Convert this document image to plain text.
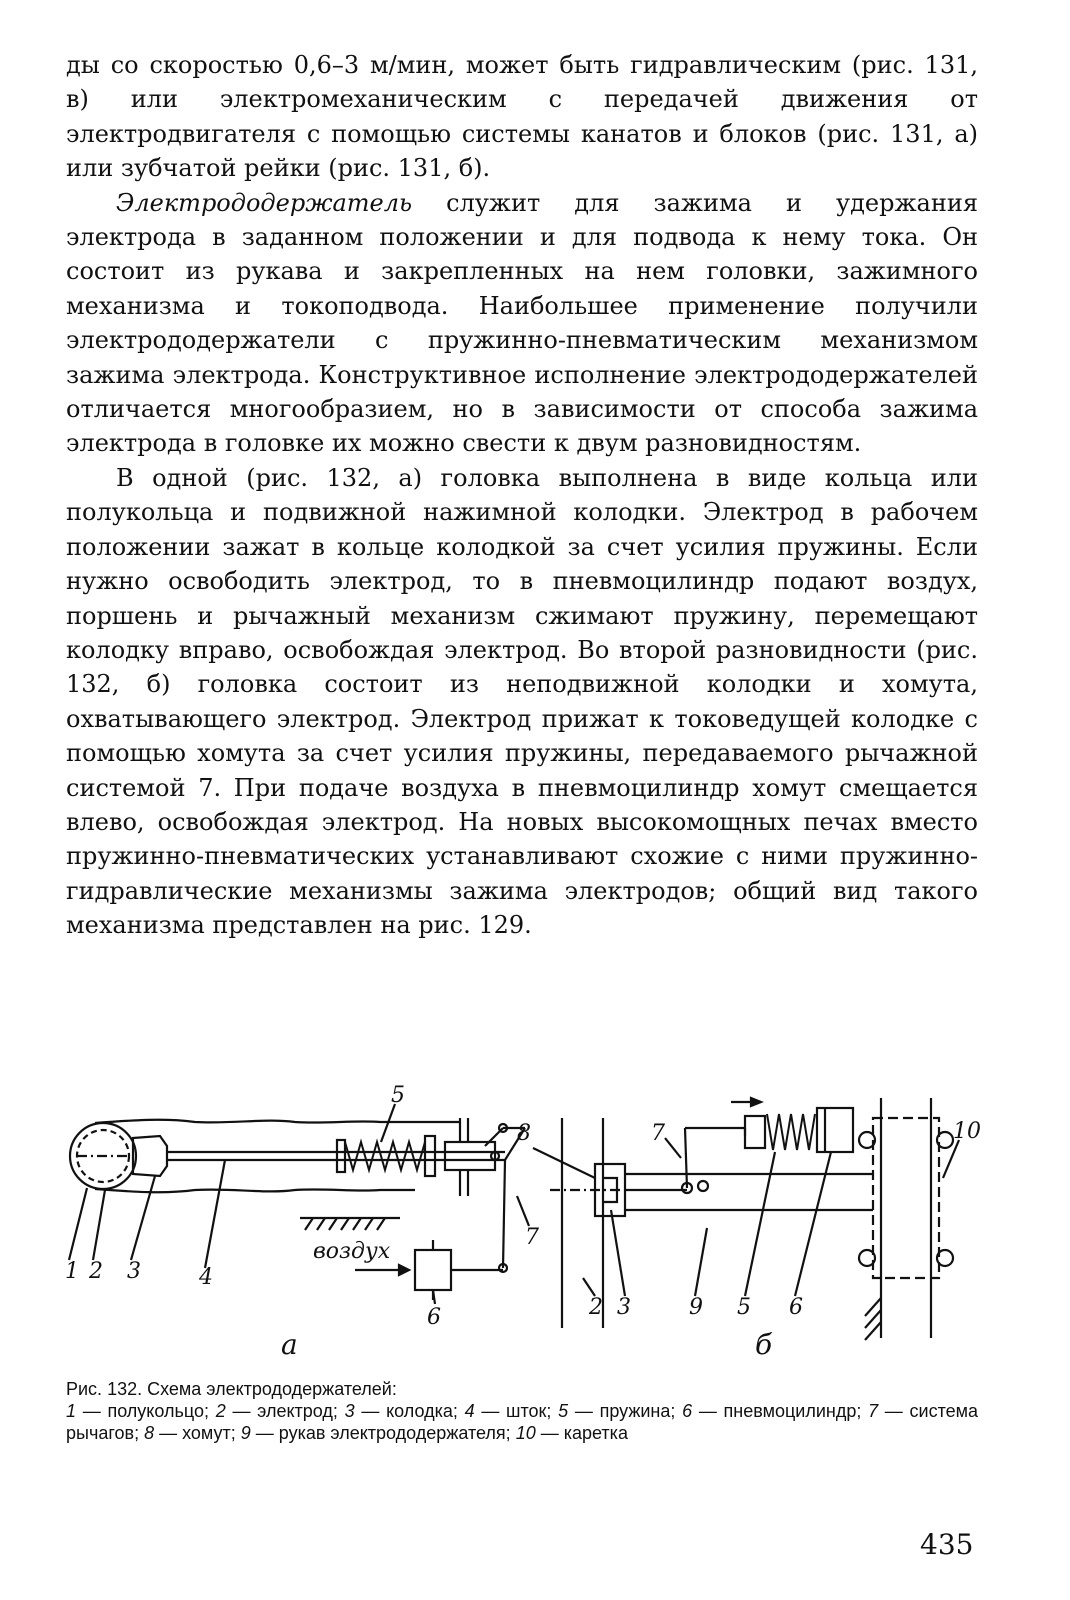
ды со скоростью 0,6–3 м/мин, может быть гидравлическим (рис. 131, в) или электромеханическим с передачей движения от электродвигателя с помощью системы канатов и блоков (рис. 131, а) или зубчатой рейки (рис. 131, б).

Электрододержатель служит для зажима и удержания электрода в заданном положении и для подвода к нему тока. Он состоит из рукава и закрепленных на нем головки, зажимного механизма и токоподвода. Наибольшее применение получили электрододержатели с пружинно-пневматическим механизмом зажима электрода. Конструктивное исполнение электрододержателей отличается многообразием, но в зависимости от способа зажима электрода в головке их можно свести к двум разновидностям.

В одной (рис. 132, а) головка выполнена в виде кольца или полукольца и подвижной нажимной колодки. Электрод в рабочем положении зажат в кольце колодкой за счет усилия пружины. Если нужно освободить электрод, то в пневмоцилиндр подают воздух, поршень и рычажный механизм сжимают пружину, перемещают колодку вправо, освобождая электрод. Во второй разновидности (рис. 132, б) головка состоит из неподвижной колодки и хомута, охватывающего электрод. Электрод прижат к токоведущей колодке с помощью хомута за счет усилия пружины, передаваемого рычажной системой 7. При подаче воздуха в пневмоцилиндр хомут смещается влево, освобождая электрод. На новых высокомощных печах вместо пружинно-пневматических устанавливают схожие с ними пружинно-гидравлические механизмы зажима электродов; общий вид такого механизма представлен на рис. 129.

1 2 3	4
5
6
7
воздух
а
8
2 3	9 5 6
7	10
б
Рис. 132. Схема электрододержателей:
1 — полукольцо; 2 — электрод; 3 — колодка; 4 — шток; 5 — пружина; 6 — пневмоцилиндр; 7 — система рычагов; 8 — хомут; 9 — рукав электрододержателя; 10 — каретка
435
